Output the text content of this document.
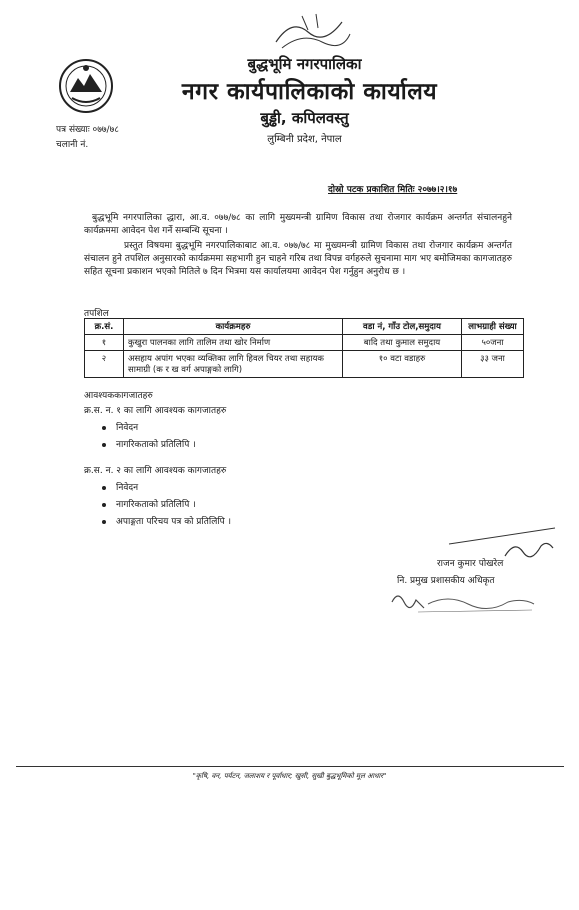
बुद्धभूमि नगरपालिका
नगर कार्यपालिकाको कार्यालय
बुड्ढी, कपिलवस्तु
लुम्बिनी प्रदेश, नेपाल
पत्र संख्याः ०७७/७८
चलानी नं.
दोस्रो पटक प्रकाशित मितिः २०७७।२।१७
बुद्धभूमि नगरपालिका द्धारा, आ.व. ०७७/७८ का लागि मुख्यमन्त्री ग्रामिण विकास तथा रोजगार कार्यक्रम अन्तर्गत संचालनहुने कार्यक्रममा आवेदन पेश गर्ने सम्बन्धि सूचना ।
प्रस्तुत विषयमा बुद्धभूमि नगरपालिकाबाट आ.व. ०७७/७८ मा मुख्यमन्त्री ग्रामिण विकास तथा रोजगार कार्यक्रम अन्तर्गत संचालन हुने तपशिल अनुसारको कार्यक्रममा सहभागी हुन चाहने गरिब तथा विपन्न वर्गहरुले सुचनामा माग भए बमोजिमका कागजातहरु सहित सूचना प्रकाशन भएको मितिले ७ दिन भित्रमा यस कार्यालयमा आवेदन पेश गर्नुहुन अनुरोध छ ।
तपशिल
क्र.सं.	कार्यक्रमहरु	वडा नं, गाँउ टोल,समुदाय	लाभग्राही संख्या
१	कुखुरा पालनका लागि तालिम तथा खोर निर्माण	बादि तथा कुमाल समुदाय	५०जना
२	असहाय अपांग भएका व्यक्तिका लागि हिवल चियर तथा सहायक सामाग्री (क र ख वर्ग अपाङ्गको लागि)	१० वटा वडाहरु	३३ जना
आवश्यककागजातहरु
क्र.स. न. १ का लागि आवश्यक कागजातहरु
निवेदन
नागरिकताको प्रतिलिपि ।
क्र.स. न. २ का लागि आवश्यक कागजातहरु
निवेदन
नागरिकताको प्रतिलिपि ।
अपाङ्गता परिचय पत्र को प्रतिलिपि ।
राजन कुमार पोखरेल
नि. प्रमुख प्रशासकीय अधिकृत
"कृषि, वन, पर्यटन, जलाशय र पूर्वाधार; खुसी, सुखी बुद्धभूमिको मूल आधार"
